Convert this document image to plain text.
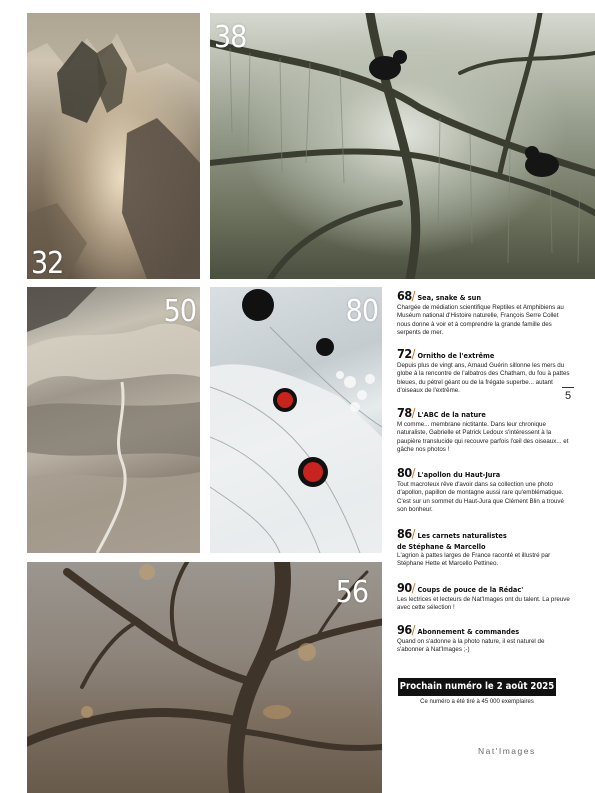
32
38
50	80
56
68/ Sea, snake & sun
Chargée de médiation scientifique Reptiles et Amphibiens au Muséum national d'Histoire naturelle, François Serre Collet nous donne à voir et à comprendre la grande famille des serpents de mer.
72/ Ornitho de l'extrême
Depuis plus de vingt ans, Arnaud Guérin sillonne les mers du globe à la rencontre de l'albatros des Chatham, du fou à pattes bleues, du pétrel géant ou de la frégate superbe... autant d'oiseaux de l'extrême.
78/ L'ABC de la nature
M comme... membrane nictitante. Dans leur chronique naturaliste, Gabrielle et Patrick Ledoux s'intéressent à la paupière translucide qui recouvre parfois l'œil des oiseaux... et gâche nos photos !
80/ L'apollon du Haut-Jura
Tout macroteux rêve d'avoir dans sa collection une photo d'apollon, papillon de montagne aussi rare qu'emblématique. C'est sur un sommet du Haut-Jura que Clément Blin a trouvé son bonheur.
86/ Les carnets naturalistes
de Stéphane & Marcello
L'agrion à pattes larges de France raconté et illustré par Stéphane Hette et Marcello Pettineo.
90/ Coups de pouce de la Rédac'
Les lectrices et lecteurs de Nat'Images ont du talent. La preuve avec cette sélection !
96/ Abonnement & commandes
Quand on s'adonne à la photo nature, il est naturel de s'abonner à Nat'Images ;-)
5
Prochain numéro le 2 août 2025
Ce numéro a été tiré à 45 000 exemplaires
Nat'Images
